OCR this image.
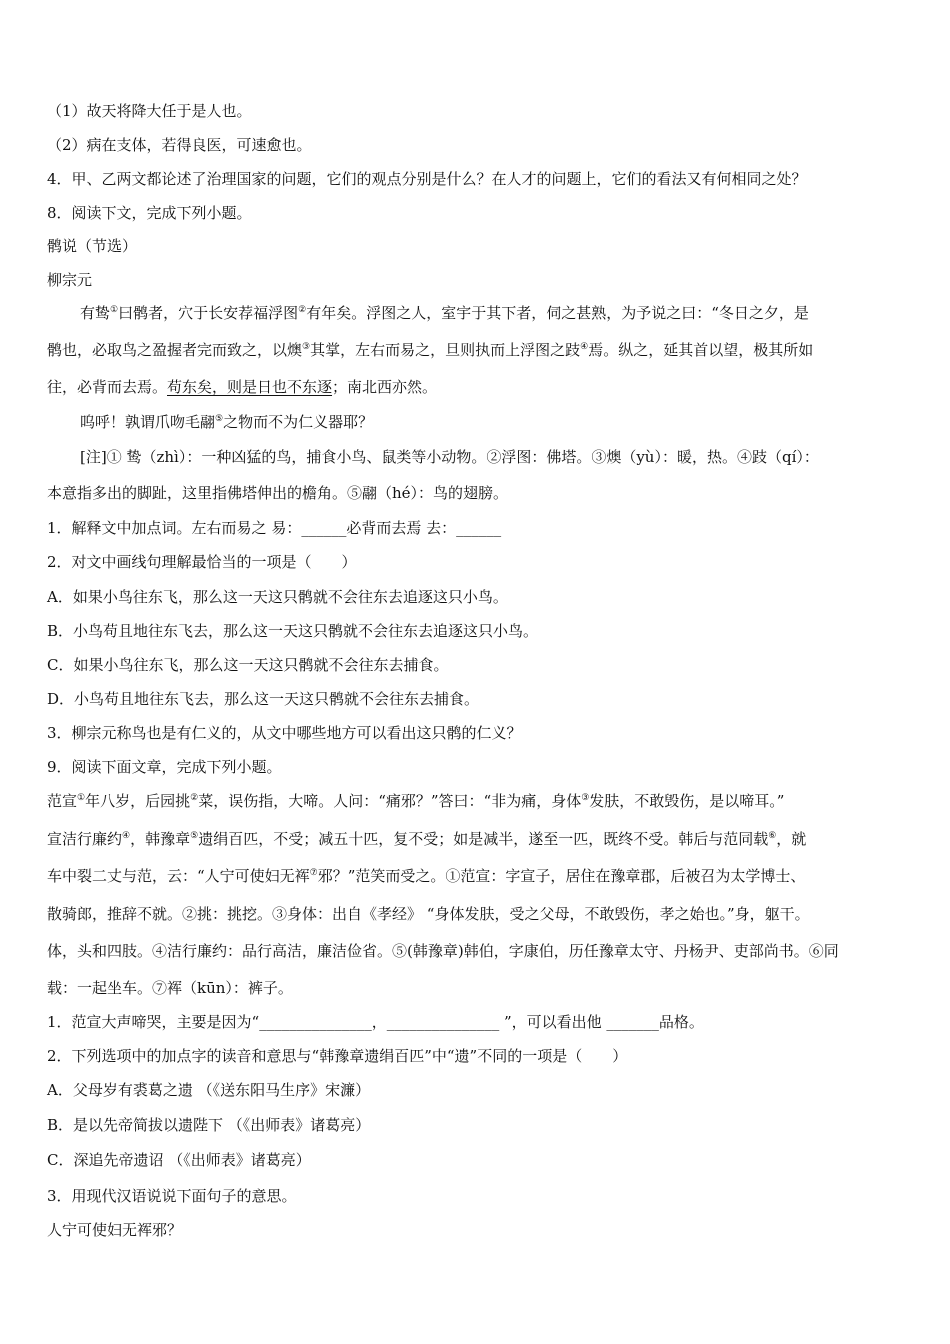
（1）故天将降大任于是人也。
（2）病在支体，若得良医，可速愈也。
4．甲、乙两文都论述了治理国家的问题，它们的观点分别是什么？在人才的问题上，它们的看法又有何相同之处？
8．阅读下文，完成下列小题。
鹘说（节选）
柳宗元
有鸷①曰鹘者，穴于长安荐福浮图②有年矣。浮图之人，室宇于其下者，伺之甚熟，为予说之曰：“冬日之夕，是
鹘也，必取鸟之盈握者完而致之，以燠③其掌，左右而易之，旦则执而上浮图之跂④焉。纵之，延其首以望，极其所如
往，必背而去焉。苟东矣，则是日也不东逐；南北西亦然。
呜呼！孰谓爪吻毛翮⑤之物而不为仁义器耶？
[注]① 鸷（zhì）：一种凶猛的鸟，捕食小鸟、鼠类等小动物。②浮图：佛塔。③燠（yù）：暖，热。④跂（qí）：
本意指多出的脚趾，这里指佛塔伸出的檐角。⑤翮（hé）：鸟的翅膀。
1．解释文中加点词。左右而易之 易：______必背而去焉 去：______
2．对文中画线句理解最恰当的一项是（　　）
A．如果小鸟往东飞，那么这一天这只鹘就不会往东去追逐这只小鸟。
B．小鸟苟且地往东飞去，那么这一天这只鹘就不会往东去追逐这只小鸟。
C．如果小鸟往东飞，那么这一天这只鹘就不会往东去捕食。
D．小鸟苟且地往东飞去，那么这一天这只鹘就不会往东去捕食。
3．柳宗元称鸟也是有仁义的，从文中哪些地方可以看出这只鹘的仁义？
9．阅读下面文章，完成下列小题。
范宣①年八岁，后园挑②菜，误伤指，大啼。人问：“痛邪？”答曰：“非为痛，身体③发肤，不敢毁伤，是以啼耳。”
宣洁行廉约④，韩豫章⑤遗绢百匹，不受；减五十匹，复不受；如是减半，遂至一匹，既终不受。韩后与范同载⑥，就
车中裂二丈与范，云：“人宁可使妇无裈⑦邪？”范笑而受之。①范宣：字宣子，居住在豫章郡，后被召为太学博士、
散骑郎，推辞不就。②挑：挑挖。③身体：出自《孝经》 “身体发肤，受之父母，不敢毁伤，孝之始也。”身，躯干。
体，头和四肢。④洁行廉约：品行高洁，廉洁俭省。⑤(韩豫章)韩伯，字康伯，历任豫章太守、丹杨尹、吏部尚书。⑥同
载：一起坐车。⑦裈（kūn）：裤子。
1．范宣大声啼哭，主要是因为“_______________，_______________ ”，可以看出他 _______品格。
2．下列选项中的加点字的读音和意思与“韩豫章遗绢百匹”中“遗”不同的一项是（　　）
A．父母岁有裘葛之遗 （《送东阳马生序》宋濂）
B．是以先帝简拔以遗陛下 （《出师表》诸葛亮）
C．深追先帝遗诏 （《出师表》诸葛亮）
3．用现代汉语说说下面句子的意思。
人宁可使妇无裈邪？
